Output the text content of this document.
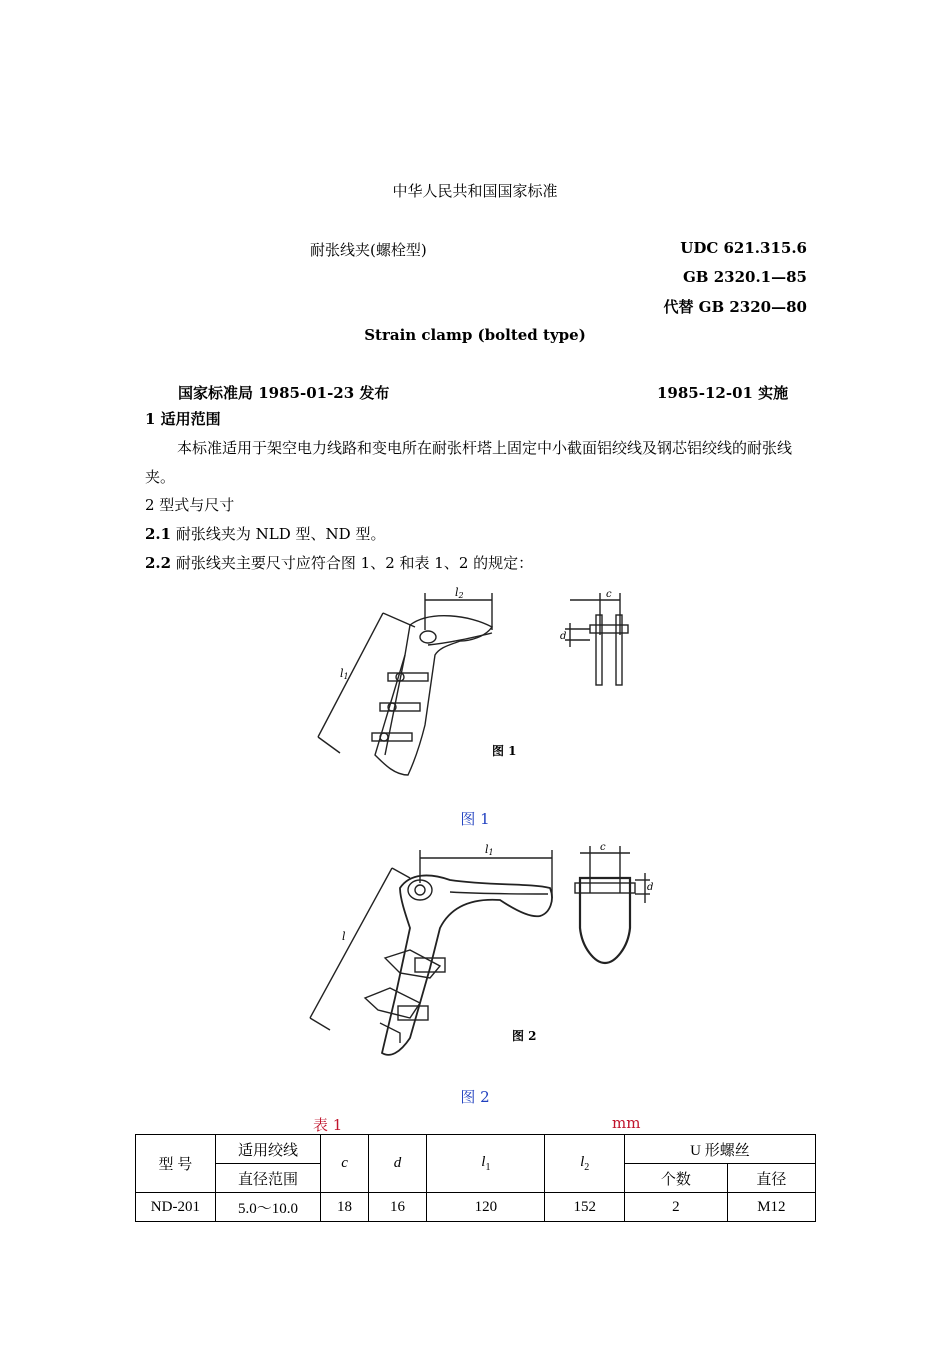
中华人民共和国国家标准
耐张线夹(螺栓型)	UDC 621.315.6
GB 2320.1—85
代替 GB 2320—80
Strain clamp (bolted type)
国家标准局 1985-01-23 发布	1985-12-01 实施
1 适用范围
本标准适用于架空电力线路和变电所在耐张杆塔上固定中小截面铝绞线及钢芯铝绞线的耐张线夹。
2 型式与尺寸
2.1 耐张线夹为 NLD 型、ND 型。
2.2 耐张线夹主要尺寸应符合图 1、2 和表 1、2 的规定：
l2
l1
c
d
图 1
图 1
l1
l
c
d
图 2
图 2
表 1	mm
型 号	适用绞线	c	d	$l_1$	$l_2$	U 形螺丝	
	直径范围					个数	直径
ND-201	5.0～10.0	18	16	120	152	2	M12
